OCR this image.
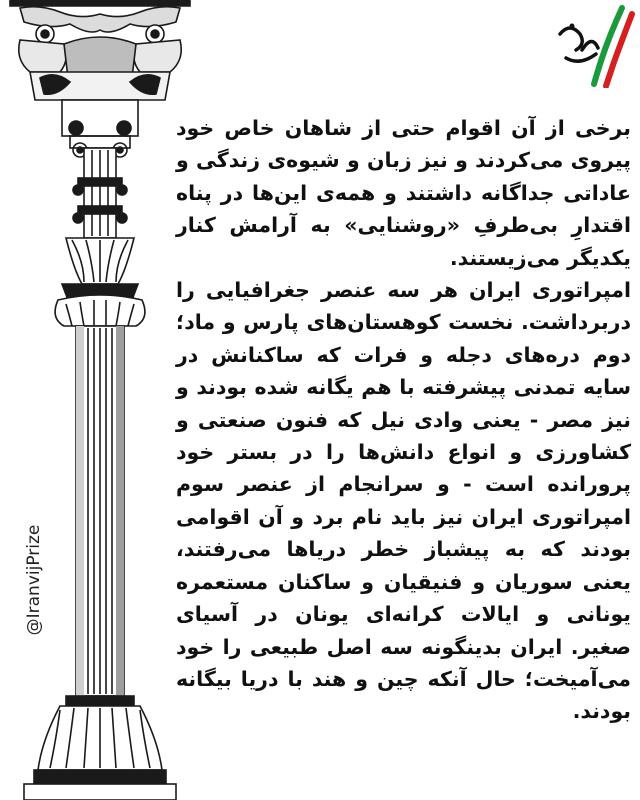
@IranvijPrize

برخی از آن اقوام حتی از شاهان خاص خود پیروی می‌کردند و نیز زبان و شیوه‌ی زندگی و عاداتی جداگانه داشتند و همه‌ی این‌ها در پناه اقتدارِ بی‌طرفِ «روشنایی» به آرامش کنار یکدیگر می‌زیستند.

امپراتوری ایران هر سه عنصر جغرافیایی را دربرداشت. نخست کوهستان‌های پارس و ماد؛ دوم دره‌های دجله و فرات که ساکنانش در سایه تمدنی پیشرفته با هم یگانه شده بودند و نیز مصر - یعنی وادی نیل که فنون صنعتی و کشاورزی و انواع دانش‌ها را در بستر خود پرورانده است - و سرانجام از عنصر سوم امپراتوری ایران نیز باید نام برد و آن اقوامی بودند که به پیشباز خطر دریاها می‌رفتند، یعنی سوریان و فنیقیان و ساکنان مستعمره یونانی و ایالات کرانه‌ای یونان در آسیای صغیر. ایران بدینگونه سه اصل طبیعی را خود می‌آمیخت؛ حال آنکه چین و هند با دریا بیگانه بودند.
